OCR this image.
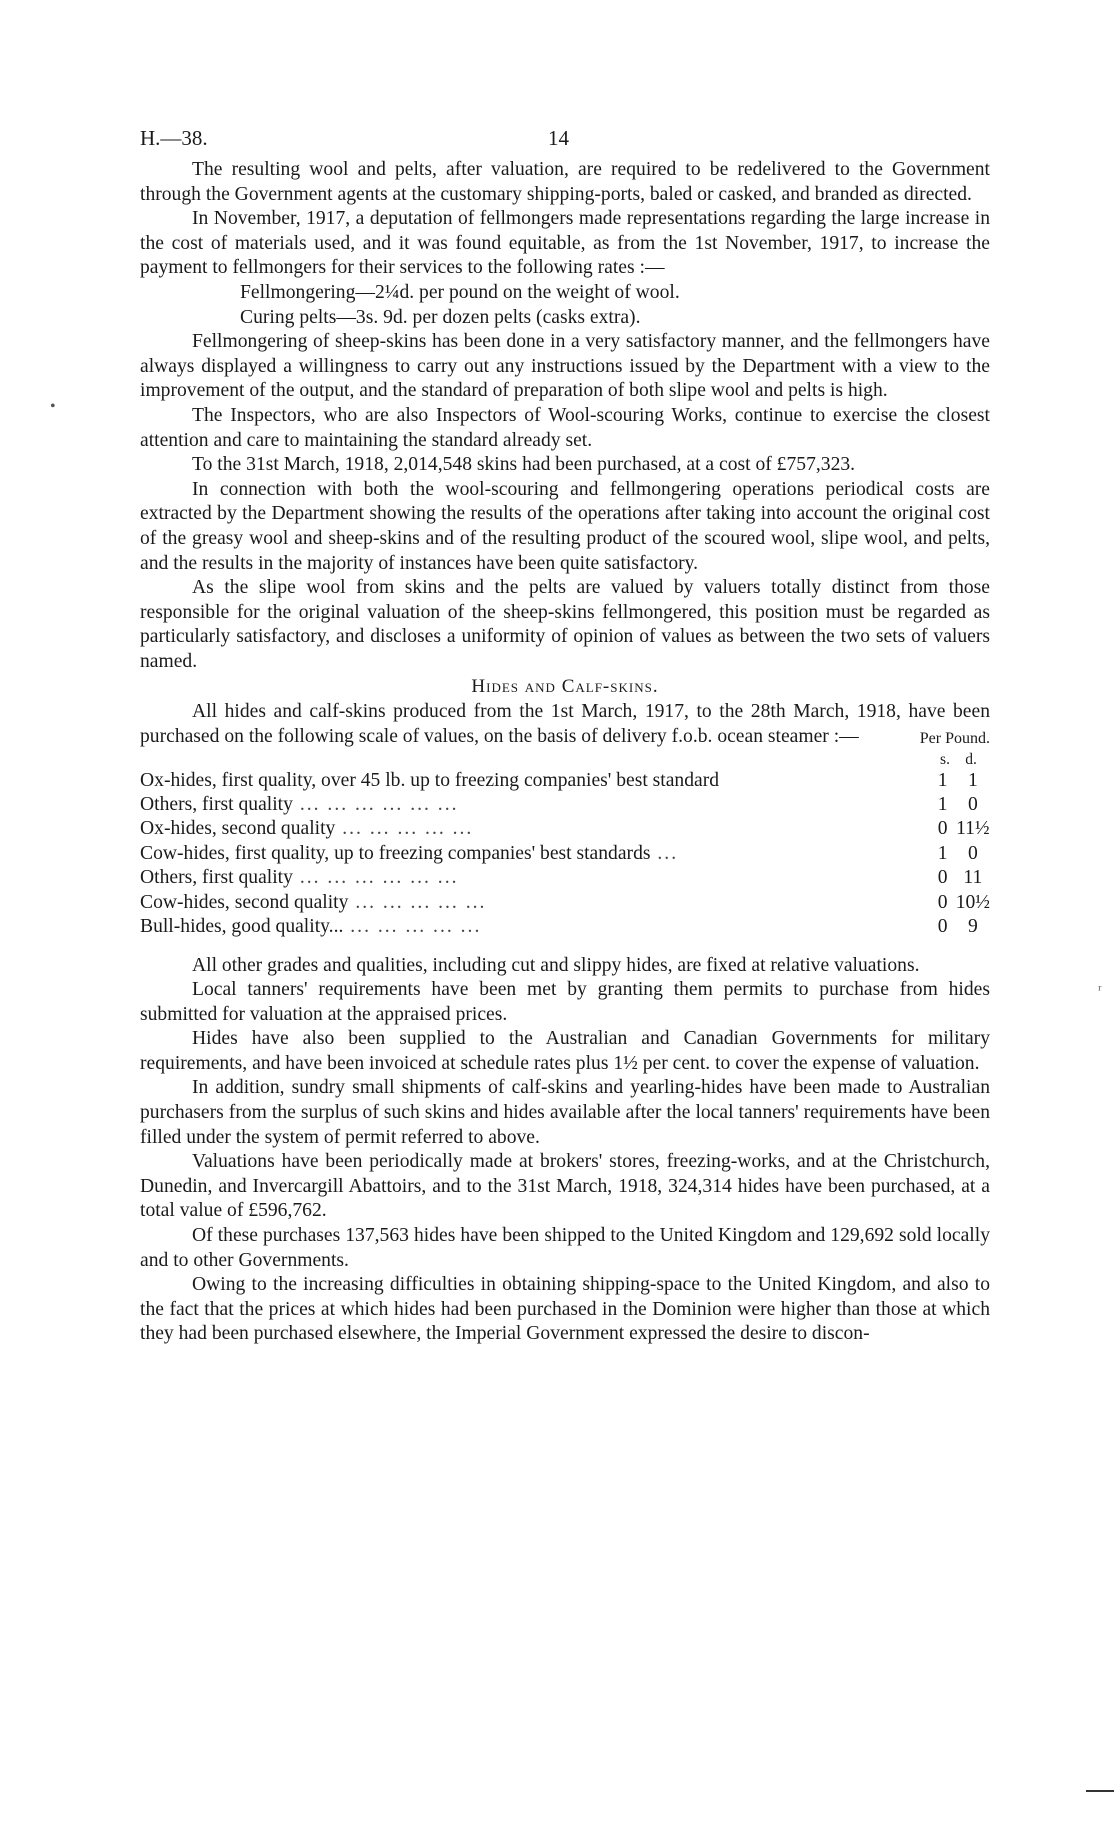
H.—38.	14

The resulting wool and pelts, after valuation, are required to be redelivered to the Government through the Government agents at the customary shipping-ports, baled or casked, and branded as directed.

In November, 1917, a deputation of fellmongers made representations regarding the large increase in the cost of materials used, and it was found equitable, as from the 1st November, 1917, to increase the payment to fellmongers for their services to the following rates :—

Fellmongering—2¼d. per pound on the weight of wool.
Curing pelts—3s. 9d. per dozen pelts (casks extra).

Fellmongering of sheep-skins has been done in a very satisfactory manner, and the fellmongers have always displayed a willingness to carry out any instructions issued by the Department with a view to the improvement of the output, and the standard of preparation of both slipe wool and pelts is high.

The Inspectors, who are also Inspectors of Wool-scouring Works, continue to exercise the closest attention and care to maintaining the standard already set.

To the 31st March, 1918, 2,014,548 skins had been purchased, at a cost of £757,323.

In connection with both the wool-scouring and fellmongering operations periodical costs are extracted by the Department showing the results of the operations after taking into account the original cost of the greasy wool and sheep-skins and of the resulting product of the scoured wool, slipe wool, and pelts, and the results in the majority of instances have been quite satisfactory.

As the slipe wool from skins and the pelts are valued by valuers totally distinct from those responsible for the original valuation of the sheep-skins fellmongered, this position must be regarded as particularly satisfactory, and discloses a uniformity of opinion of values as between the two sets of valuers named.

Hides and Calf-skins.

All hides and calf-skins produced from the 1st March, 1917, to the 28th March, 1918, have been purchased on the following scale of values, on the basis of delivery f.o.b. ocean steamer :—	Per Pound.
s. d.
Ox-hides, first quality, over 45 lb. up to freezing companies' best standard	1	1
Others, first quality ... ... ... ... ... ...	1	0
Ox-hides, second quality ... ... ... ... ...	0	11½
Cow-hides, first quality, up to freezing companies' best standards ...	1	0
Others, first quality ... ... ... ... ... ...	0	11
Cow-hides, second quality ... ... ... ... ...	0	10½
Bull-hides, good quality... ... ... ... ... ...	0	9

All other grades and qualities, including cut and slippy hides, are fixed at relative valuations.

Local tanners' requirements have been met by granting them permits to purchase from hides submitted for valuation at the appraised prices.

Hides have also been supplied to the Australian and Canadian Governments for military requirements, and have been invoiced at schedule rates plus 1½ per cent. to cover the expense of valuation.

In addition, sundry small shipments of calf-skins and yearling-hides have been made to Australian purchasers from the surplus of such skins and hides available after the local tanners' requirements have been filled under the system of permit referred to above.

Valuations have been periodically made at brokers' stores, freezing-works, and at the Christchurch, Dunedin, and Invercargill Abattoirs, and to the 31st March, 1918, 324,314 hides have been purchased, at a total value of £596,762.

Of these purchases 137,563 hides have been shipped to the United Kingdom and 129,692 sold locally and to other Governments.

Owing to the increasing difficulties in obtaining shipping-space to the United Kingdom, and also to the fact that the prices at which hides had been purchased in the Dominion were higher than those at which they had been purchased elsewhere, the Imperial Government expressed the desire to discon-

•
ʳ
